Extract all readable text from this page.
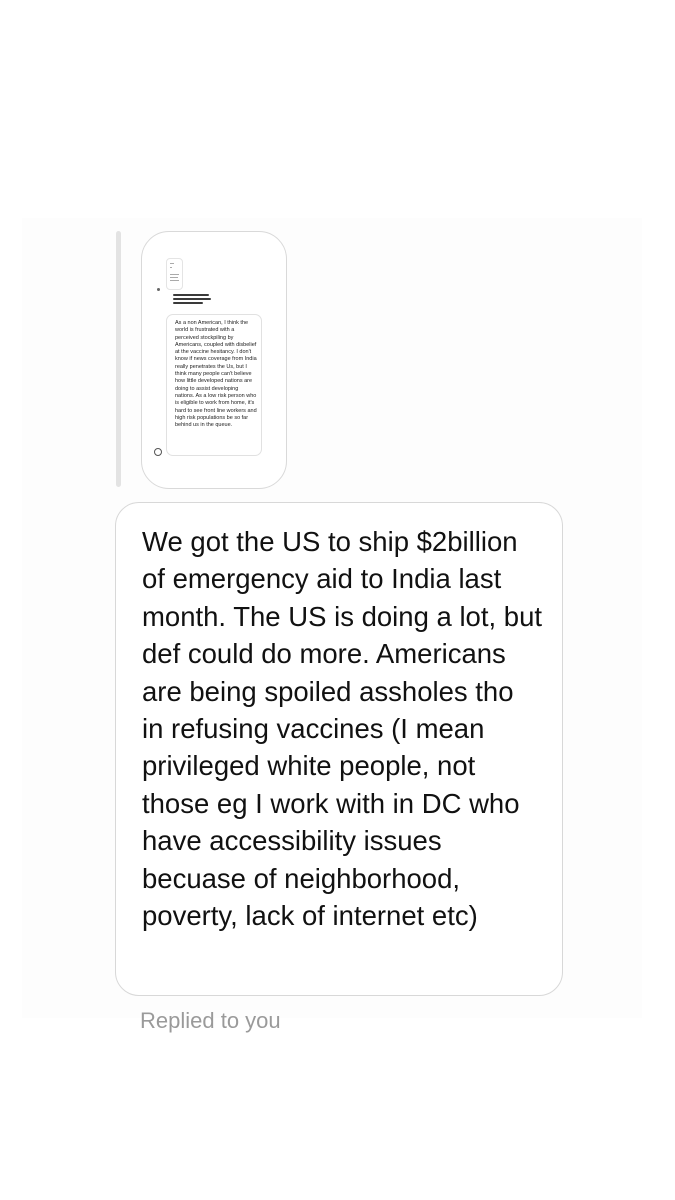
As a non American, I think the world is frustrated with a perceived stockpiling by Americans, coupled with disbelief at the vaccine hesitancy. I don't know if news coverage from India really penetrates the Us, but I think many people can't believe how little developed nations are doing to assist developing nations. As a low risk person who is eligible to work from home, it's hard to see front line workers and high risk populations be so far behind us in the queue.
We got the US to ship $2billion of emergency aid to India last month. The US is doing a lot, but def could do more. Americans are being spoiled assholes tho in refusing vaccines (I mean privileged white people, not those eg I work with in DC who have accessibility issues becuase of neighborhood, poverty, lack of internet etc)
Replied to you
